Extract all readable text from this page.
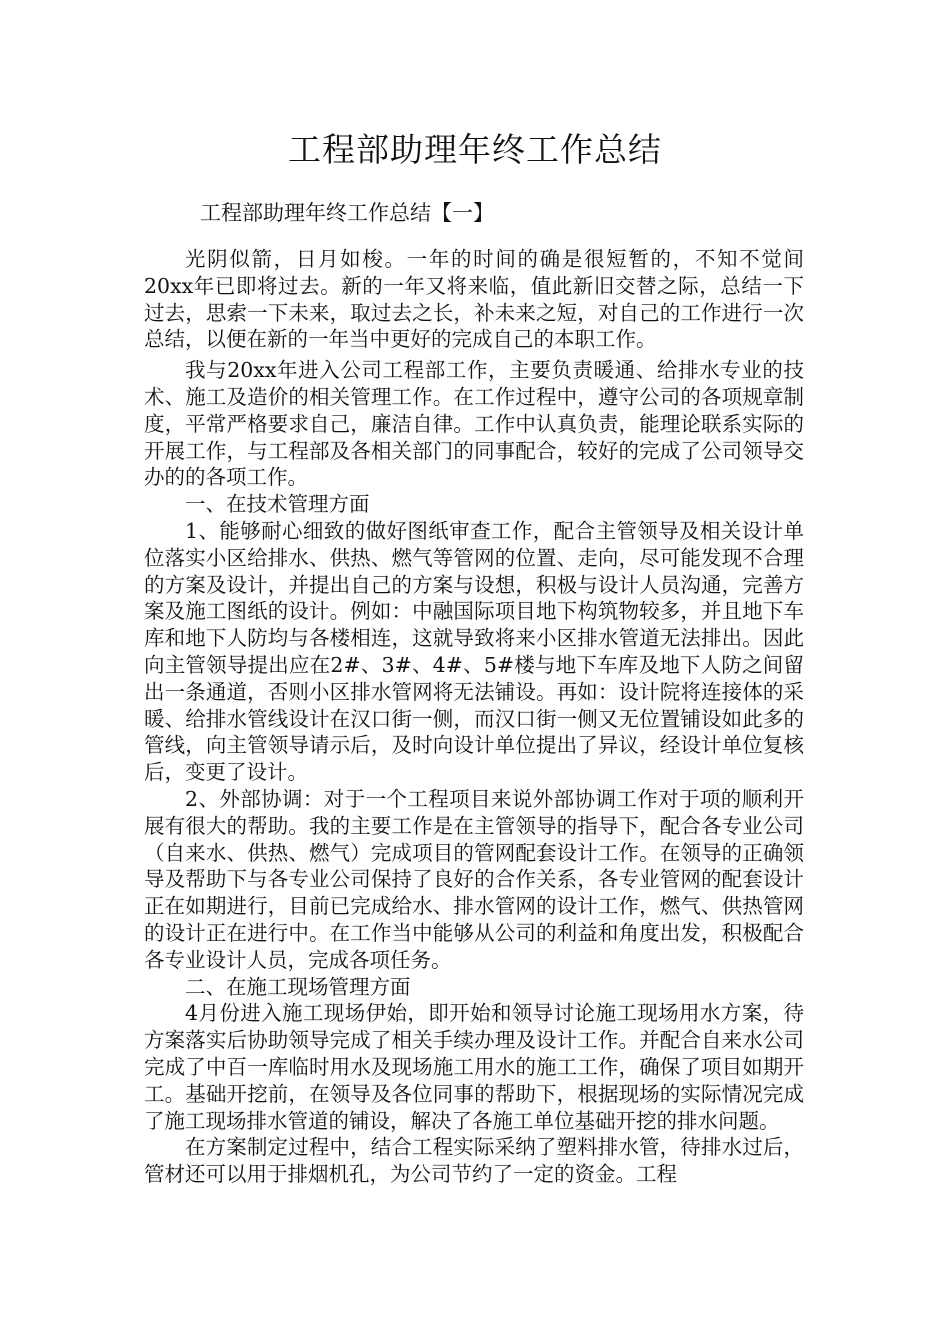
工程部助理年终工作总结
工程部助理年终工作总结【一】

光阴似箭，日月如梭。一年的时间的确是很短暂的，不知不觉间20xx年已即将过去。新的一年又将来临，值此新旧交替之际，总结一下过去，思索一下未来，取过去之长，补未来之短，对自己的工作进行一次总结，以便在新的一年当中更好的完成自己的本职工作。

我与20xx年进入公司工程部工作，主要负责暖通、给排水专业的技术、施工及造价的相关管理工作。在工作过程中，遵守公司的各项规章制度，平常严格要求自己，廉洁自律。工作中认真负责，能理论联系实际的开展工作，与工程部及各相关部门的同事配合，较好的完成了公司领导交办的的各项工作。

一、在技术管理方面

1、能够耐心细致的做好图纸审查工作，配合主管领导及相关设计单位落实小区给排水、供热、燃气等管网的位置、走向，尽可能发现不合理的方案及设计，并提出自己的方案与设想，积极与设计人员沟通，完善方案及施工图纸的设计。例如：中融国际项目地下构筑物较多，并且地下车库和地下人防均与各楼相连，这就导致将来小区排水管道无法排出。因此向主管领导提出应在2#、3#、4#、5#楼与地下车库及地下人防之间留出一条通道，否则小区排水管网将无法铺设。再如：设计院将连接体的采暖、给排水管线设计在汉口街一侧，而汉口街一侧又无位置铺设如此多的管线，向主管领导请示后，及时向设计单位提出了异议，经设计单位复核后，变更了设计。

2、外部协调：对于一个工程项目来说外部协调工作对于项的顺利开展有很大的帮助。我的主要工作是在主管领导的指导下，配合各专业公司（自来水、供热、燃气）完成项目的管网配套设计工作。在领导的正确领导及帮助下与各专业公司保持了良好的合作关系，各专业管网的配套设计正在如期进行，目前已完成给水、排水管网的设计工作，燃气、供热管网的设计正在进行中。在工作当中能够从公司的利益和角度出发，积极配合各专业设计人员，完成各项任务。

二、在施工现场管理方面

4月份进入施工现场伊始，即开始和领导讨论施工现场用水方案，待方案落实后协助领导完成了相关手续办理及设计工作。并配合自来水公司完成了中百一库临时用水及现场施工用水的施工工作，确保了项目如期开工。基础开挖前，在领导及各位同事的帮助下，根据现场的实际情况完成了施工现场排水管道的铺设，解决了各施工单位基础开挖的排水问题。

在方案制定过程中，结合工程实际采纳了塑料排水管，待排水过后，管材还可以用于排烟机孔，为公司节约了一定的资金。工程
